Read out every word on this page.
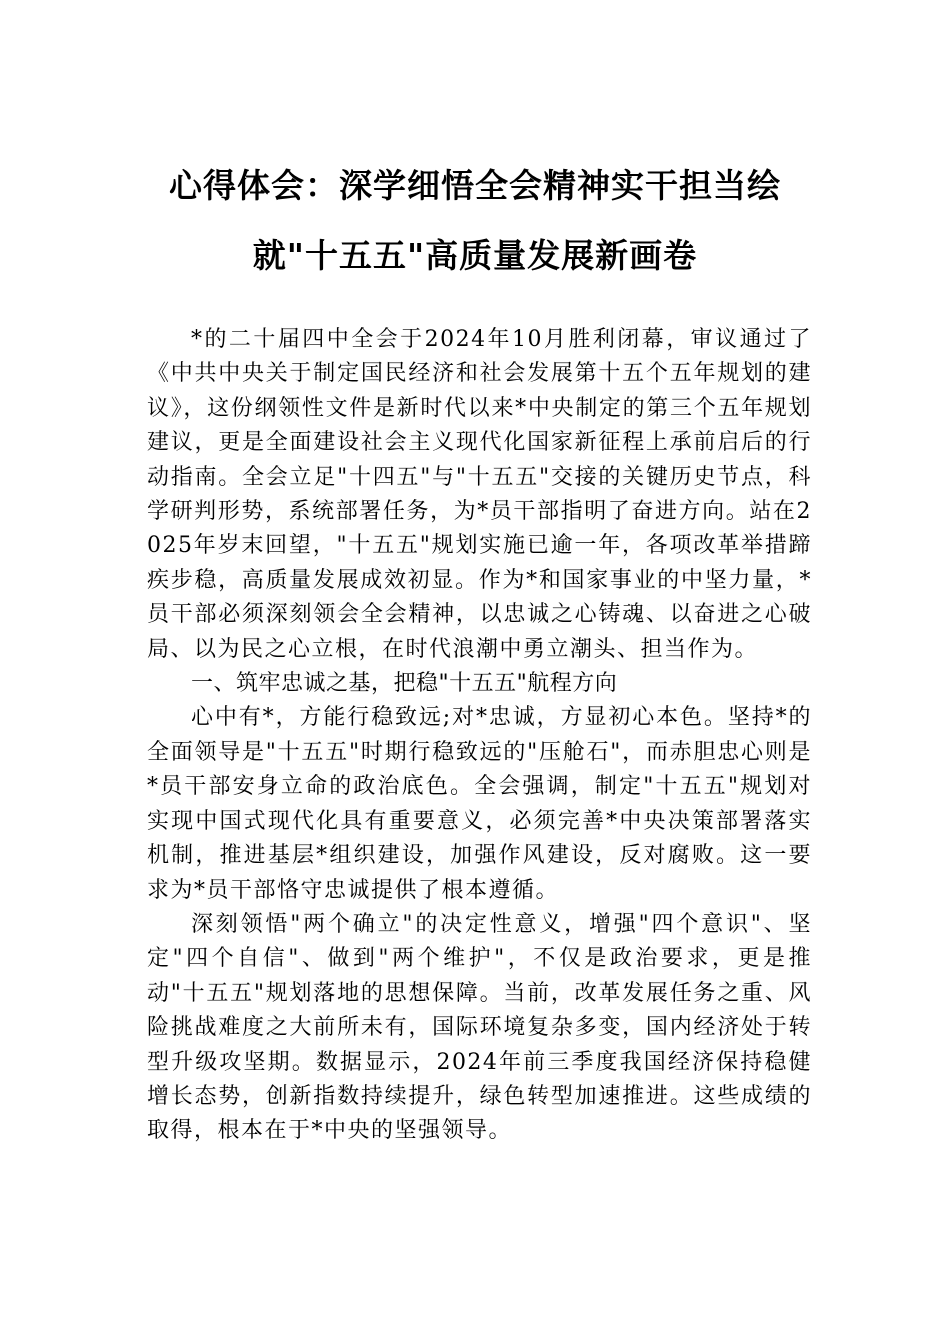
心得体会：深学细悟全会精神实干担当绘
就"十五五"高质量发展新画卷

*的二十届四中全会于2024年10月胜利闭幕，审议通过了《中共中央关于制定国民经济和社会发展第十五个五年规划的建议》，这份纲领性文件是新时代以来*中央制定的第三个五年规划建议，更是全面建设社会主义现代化国家新征程上承前启后的行动指南。全会立足"十四五"与"十五五"交接的关键历史节点，科学研判形势，系统部署任务，为*员干部指明了奋进方向。站在2025年岁末回望，"十五五"规划实施已逾一年，各项改革举措蹄疾步稳，高质量发展成效初显。作为*和国家事业的中坚力量，*员干部必须深刻领会全会精神，以忠诚之心铸魂、以奋进之心破局、以为民之心立根，在时代浪潮中勇立潮头、担当作为。

一、筑牢忠诚之基，把稳"十五五"航程方向

心中有*，方能行稳致远;对*忠诚，方显初心本色。坚持*的全面领导是"十五五"时期行稳致远的"压舱石"，而赤胆忠心则是*员干部安身立命的政治底色。全会强调，制定"十五五"规划对实现中国式现代化具有重要意义，必须完善*中央决策部署落实机制，推进基层*组织建设，加强作风建设，反对腐败。这一要求为*员干部恪守忠诚提供了根本遵循。

深刻领悟"两个确立"的决定性意义，增强"四个意识"、坚定"四个自信"、做到"两个维护"，不仅是政治要求，更是推动"十五五"规划落地的思想保障。当前，改革发展任务之重、风险挑战难度之大前所未有，国际环境复杂多变，国内经济处于转型升级攻坚期。数据显示，2024年前三季度我国经济保持稳健增长态势，创新指数持续提升，绿色转型加速推进。这些成绩的取得，根本在于*中央的坚强领导。
